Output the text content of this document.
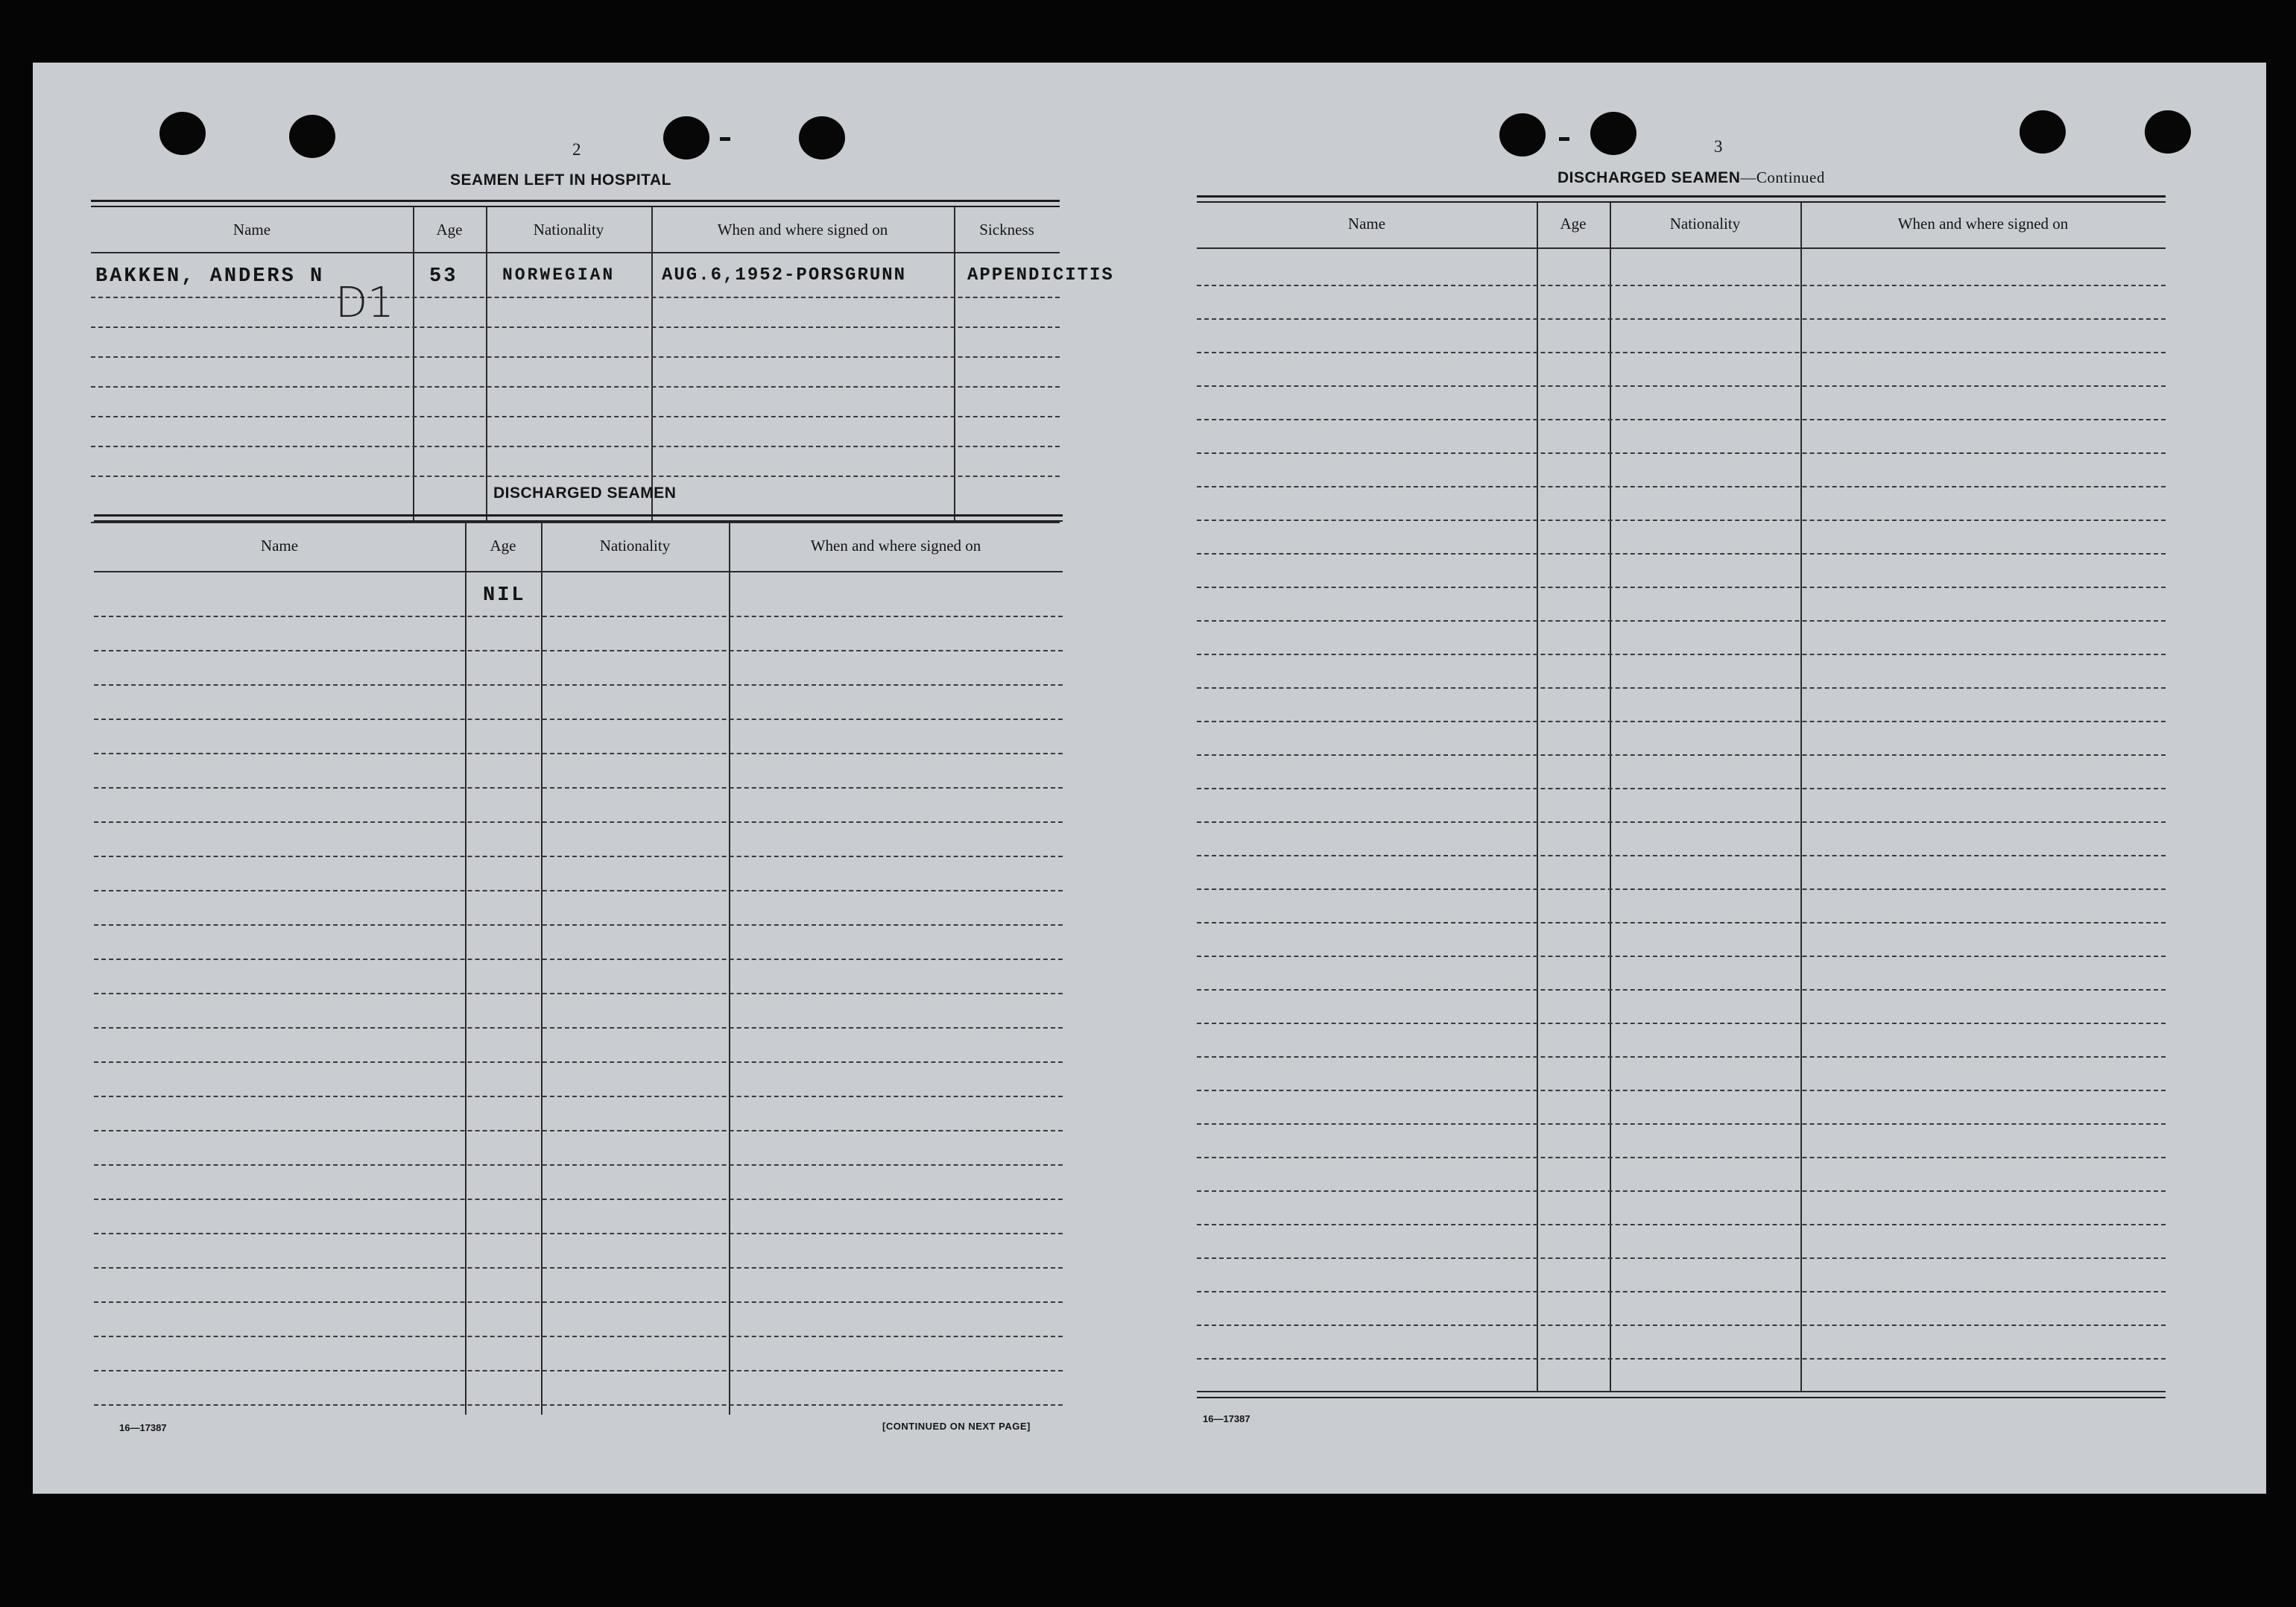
2
SEAMEN LEFT IN HOSPITAL
Name	Age	Nationality	When and where signed on	Sickness
BAKKEN, ANDERS N	53	NORWEGIAN	AUG.6,1952-PORSGRUNN	APPENDICITIS
D1
DISCHARGED SEAMEN
Name	Age	Nationality	When and where signed on
NIL
16—17387	[CONTINUED ON NEXT PAGE]
3
DISCHARGED SEAMEN—Continued
Name	Age	Nationality	When and where signed on
16—17387
